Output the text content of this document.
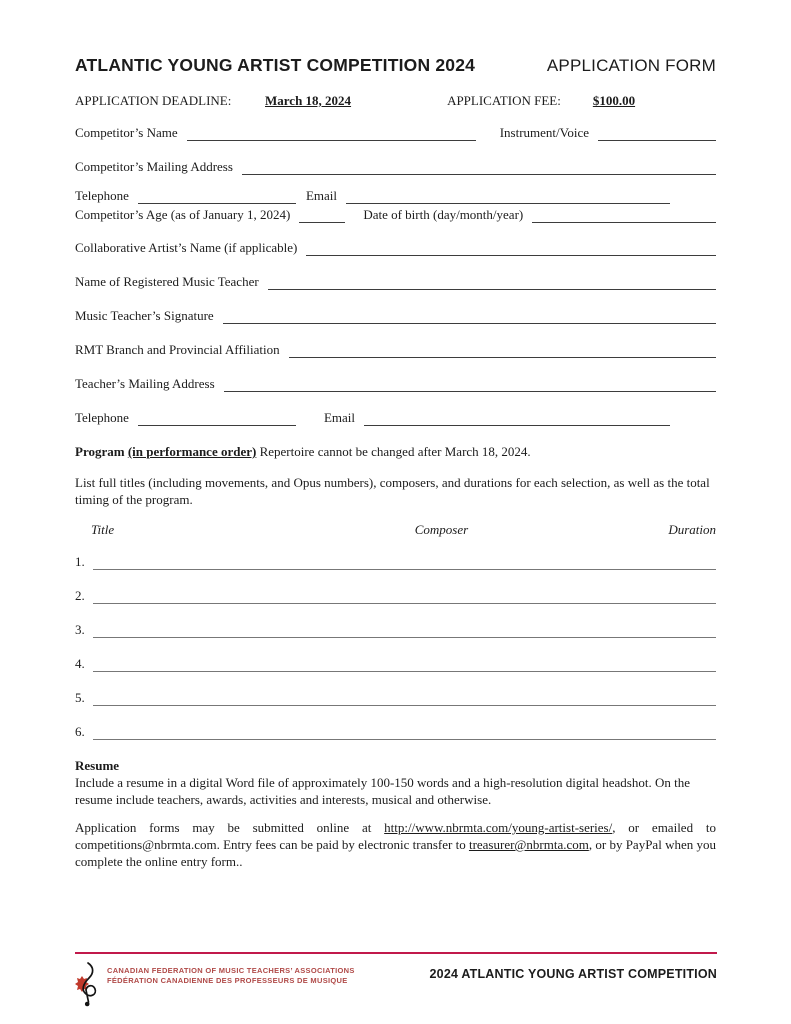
ATLANTIC YOUNG ARTIST COMPETITION 2024	APPLICATION FORM
APPLICATION DEADLINE:	March 18, 2024	APPLICATION FEE: $100.00
Competitor’s Name	Instrument/Voice
Competitor’s Mailing Address
Telephone	Email
Competitor’s Age (as of January 1, 2024)	Date of birth (day/month/year)
Collaborative Artist’s Name (if applicable)
Name of Registered Music Teacher
Music Teacher’s Signature
RMT Branch and Provincial Affiliation
Teacher’s Mailing Address
Telephone	Email

Program (in performance order) Repertoire cannot be changed after March 18, 2024.

List full titles (including movements, and Opus numbers), composers, and durations for each selection, as well as the total timing of the program.

Title	Composer	Duration
1.
2.
3.
4.
5.
6.

Resume

Include a resume in a digital Word file of approximately 100-150 words and a high-resolution digital headshot. On the resume include teachers, awards, activities and interests, musical and otherwise.

Application forms may be submitted online at http://www.nbrmta.com/young-artist-series/, or emailed to competitions@nbrmta.com. Entry fees can be paid by electronic transfer to treasurer@nbrmta.com, or by PayPal when you complete the online entry form..

CANADIAN FEDERATION OF MUSIC TEACHERS’ ASSOCIATIONS
FÉDÉRATION CANADIENNE DES PROFESSEURS DE MUSIQUE	2024 ATLANTIC YOUNG ARTIST COMPETITION
